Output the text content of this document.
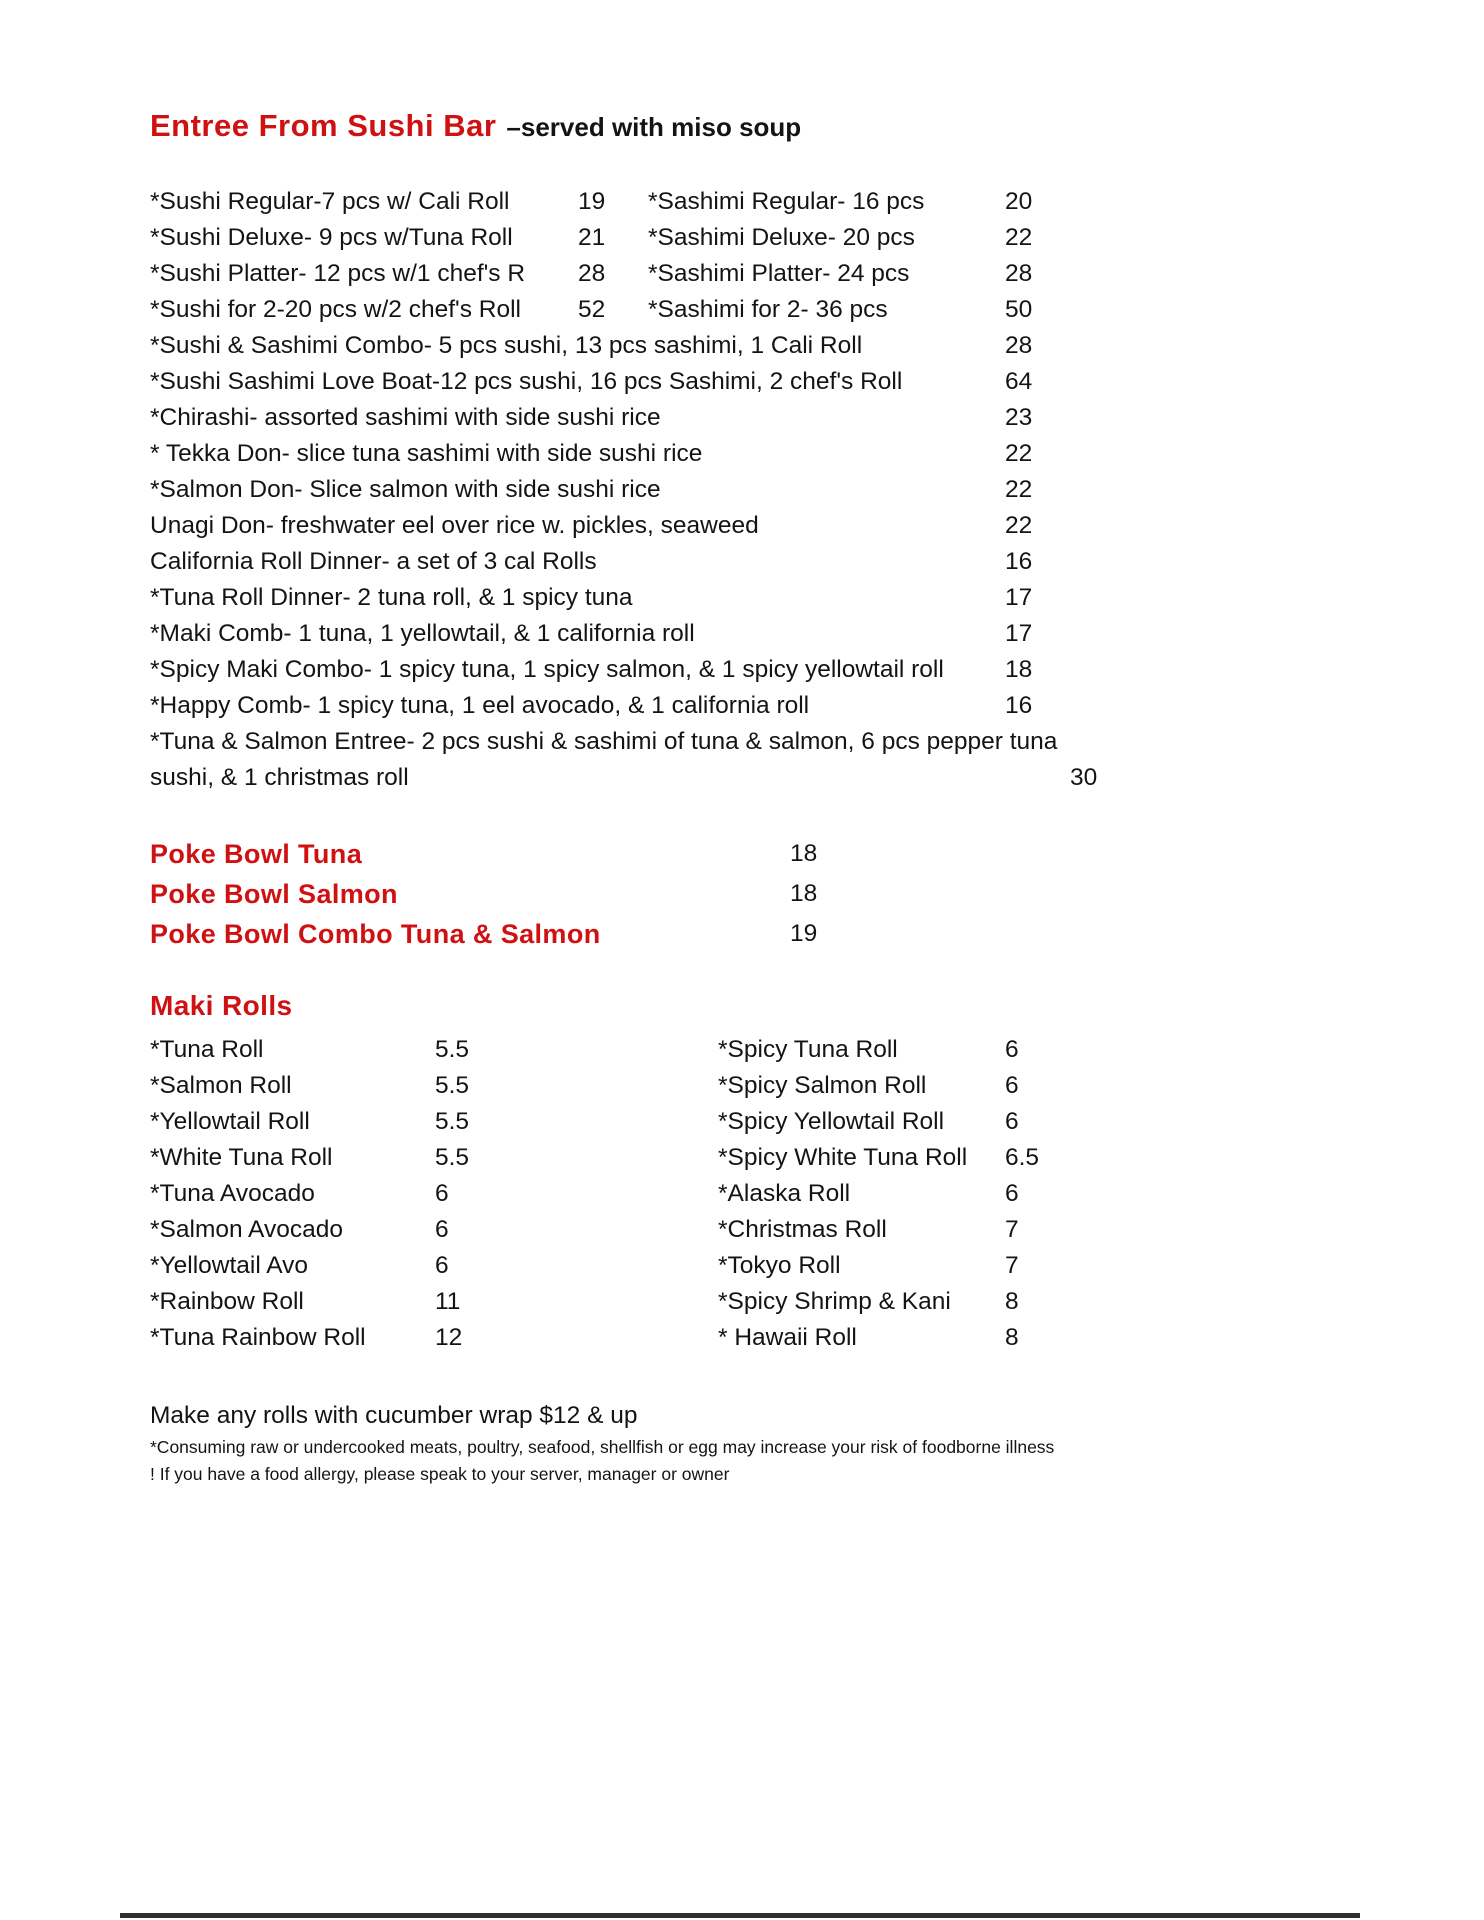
Entree From Sushi Bar –served with miso soup
*Sushi Regular-7 pcs w/ Cali Roll	19	*Sashimi Regular- 16 pcs	20
*Sushi Deluxe- 9 pcs w/Tuna Roll	21	*Sashimi Deluxe- 20 pcs	22
*Sushi Platter- 12 pcs w/1 chef's R	28	*Sashimi Platter- 24 pcs	28
*Sushi for 2-20 pcs w/2 chef's Roll	52	*Sashimi for 2- 36 pcs	50
*Sushi & Sashimi Combo- 5 pcs sushi, 13 pcs sashimi, 1 Cali Roll	28
*Sushi Sashimi Love Boat-12 pcs sushi, 16 pcs Sashimi, 2 chef's Roll	64
*Chirashi- assorted sashimi with side sushi rice	23
* Tekka Don- slice tuna sashimi with side sushi rice	22
*Salmon Don- Slice salmon with side sushi rice	22
Unagi Don- freshwater eel over rice w. pickles, seaweed	22
California Roll Dinner- a set of 3 cal Rolls	16
*Tuna Roll Dinner- 2 tuna roll, & 1 spicy tuna	17
*Maki Comb- 1 tuna, 1 yellowtail, & 1 california roll	17
*Spicy Maki Combo- 1 spicy tuna, 1 spicy salmon, & 1 spicy yellowtail roll	18
*Happy Comb- 1 spicy tuna, 1 eel avocado, & 1 california roll	16
*Tuna & Salmon Entree- 2 pcs sushi & sashimi of tuna & salmon, 6 pcs pepper tuna sushi, & 1 christmas roll	30
Poke Bowl Tuna	18
Poke Bowl Salmon	18
Poke Bowl Combo Tuna & Salmon	19
Maki Rolls
*Tuna Roll	5.5	*Spicy Tuna Roll	6
*Salmon Roll	5.5	*Spicy Salmon Roll	6
*Yellowtail Roll	5.5	*Spicy Yellowtail Roll	6
*White Tuna Roll	5.5	*Spicy White Tuna Roll	6.5
*Tuna Avocado	6	*Alaska Roll	6
*Salmon Avocado	6	*Christmas Roll	7
*Yellowtail Avo	6	*Tokyo Roll	7
*Rainbow Roll	11	*Spicy Shrimp & Kani	8
*Tuna Rainbow Roll	12	* Hawaii Roll	8
Make any rolls with cucumber wrap $12 & up
*Consuming raw or undercooked meats, poultry, seafood, shellfish or egg may increase your risk of foodborne illness
! If you have a food allergy, please speak to your server, manager or owner
